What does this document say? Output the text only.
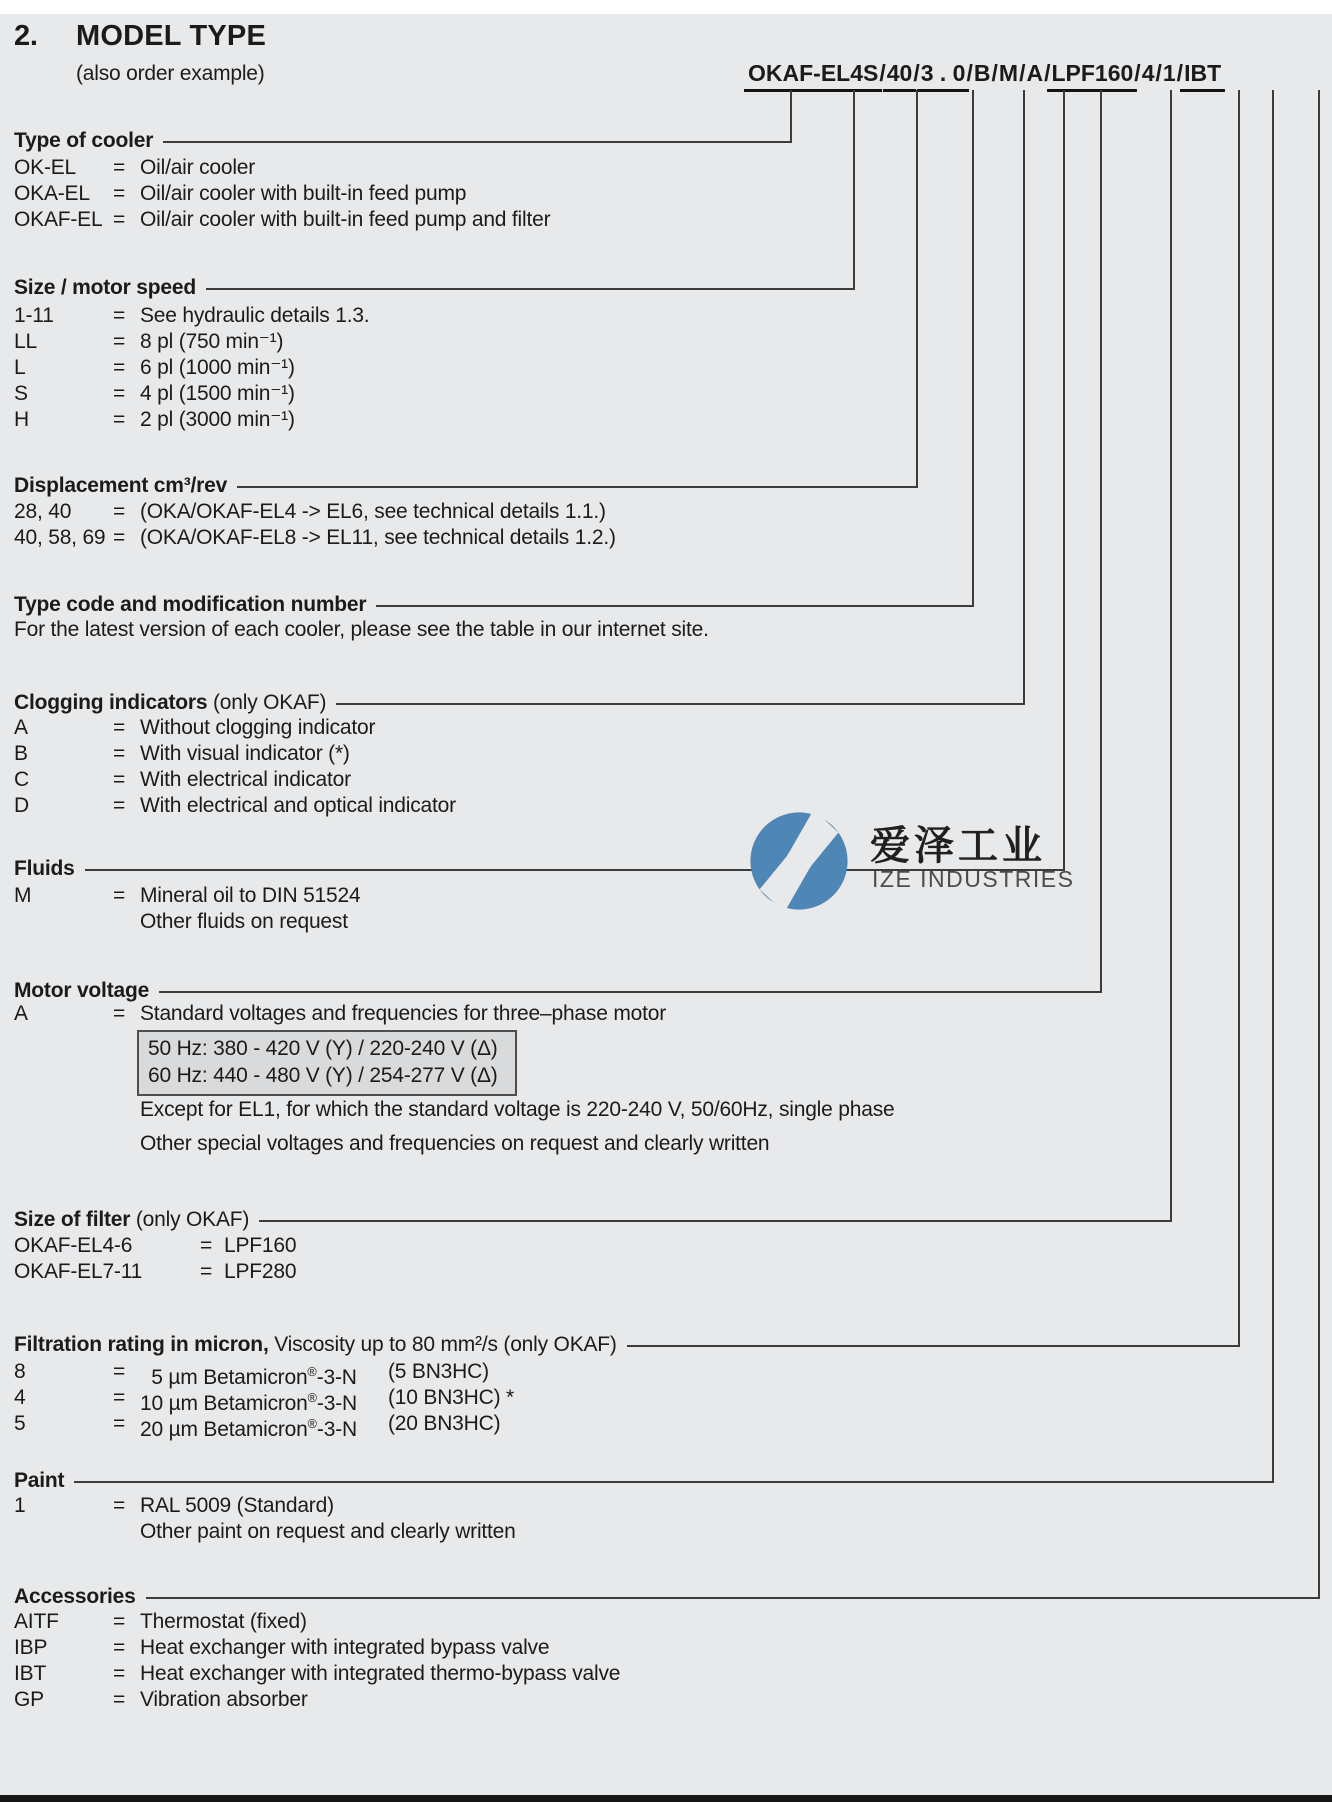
2. MODEL TYPE
(also order example)	OKAF-EL4S/40/3 . 0/B/M/A/LPF160/4/1/IBT
Type of cooler
OK-EL	= Oil/air cooler
OKA-EL	= Oil/air cooler with built-in feed pump
OKAF-EL = Oil/air cooler with built-in feed pump and filter
Size / motor speed
1-11	= See hydraulic details 1.3.
LL	= 8 pl (750 min⁻¹)
L	= 6 pl (1000 min⁻¹)
S	= 4 pl (1500 min⁻¹)
H	= 2 pl (3000 min⁻¹)
Displacement cm³/rev
28, 40	= (OKA/OKAF-EL4 -> EL6, see technical details 1.1.)
40, 58, 69 = (OKA/OKAF-EL8 -> EL11, see technical details 1.2.)
Type code and modification number
For the latest version of each cooler, please see the table in our internet site.
Clogging indicators (only OKAF)
A	= Without clogging indicator
B	= With visual indicator (*)
C	= With electrical indicator
D	= With electrical and optical indicator
Fluids
M	= Mineral oil to DIN 51524
Other fluids on request
Motor voltage
A	= Standard voltages and frequencies for three–phase motor
50 Hz: 380 - 420 V (Y) / 220-240 V (Δ)
60 Hz: 440 - 480 V (Y) / 254-277 V (Δ)
Except for EL1, for which the standard voltage is 220-240 V, 50/60Hz, single phase
Other special voltages and frequencies on request and clearly written
Size of filter (only OKAF)
OKAF-EL4-6	= LPF160
OKAF-EL7-11	= LPF280
Filtration rating in micron, Viscosity up to 80 mm²/s (only OKAF)
8	= 5 µm Betamicron®-3-N	(5 BN3HC)
4	= 10 µm Betamicron®-3-N	(10 BN3HC) *
5	= 20 µm Betamicron®-3-N	(20 BN3HC)
Paint
1	= RAL 5009 (Standard)
Other paint on request and clearly written
Accessories
AITF	= Thermostat (fixed)
IBP	= Heat exchanger with integrated bypass valve
IBT	= Heat exchanger with integrated thermo-bypass valve
GP	= Vibration absorber
爱泽工业
IZE INDUSTRIES
